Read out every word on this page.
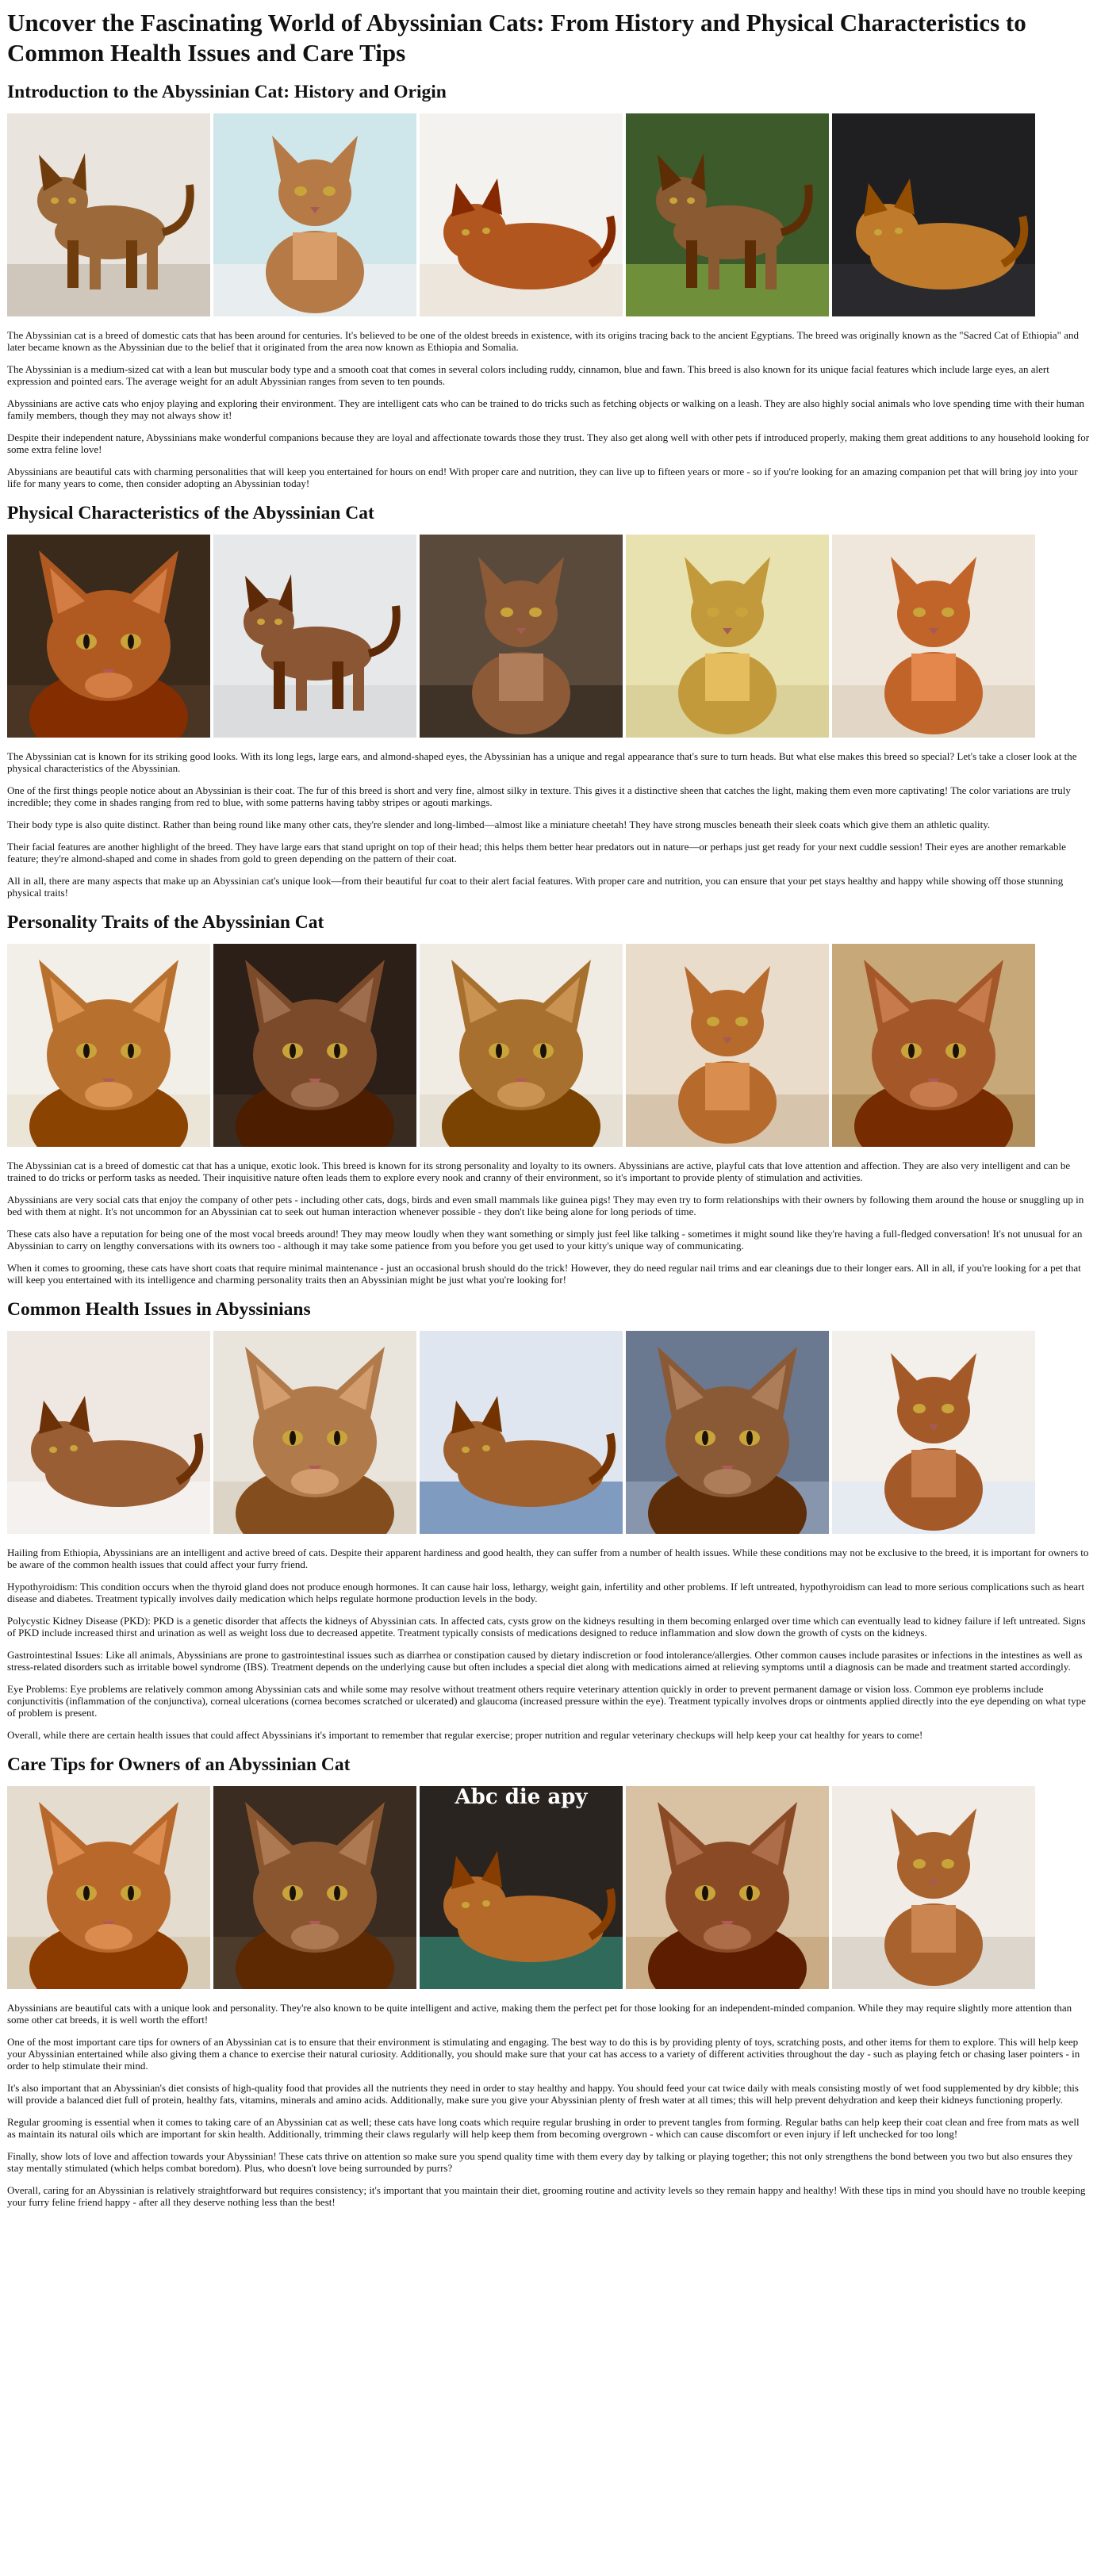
Uncover the Fascinating World of Abyssinian Cats: From History and Physical Characteristics to Common Health Issues and Care Tips
Introduction to the Abyssinian Cat: History and Origin

The Abyssinian cat is a breed of domestic cats that has been around for centuries. It's believed to be one of the oldest breeds in existence, with its origins tracing back to the ancient Egyptians. The breed was originally known as the "Sacred Cat of Ethiopia" and later became known as the Abyssinian due to the belief that it originated from the area now known as Ethiopia and Somalia.

The Abyssinian is a medium-sized cat with a lean but muscular body type and a smooth coat that comes in several colors including ruddy, cinnamon, blue and fawn. This breed is also known for its unique facial features which include large eyes, an alert expression and pointed ears. The average weight for an adult Abyssinian ranges from seven to ten pounds.

Abyssinians are active cats who enjoy playing and exploring their environment. They are intelligent cats who can be trained to do tricks such as fetching objects or walking on a leash. They are also highly social animals who love spending time with their human family members, though they may not always show it!

Despite their independent nature, Abyssinians make wonderful companions because they are loyal and affectionate towards those they trust. They also get along well with other pets if introduced properly, making them great additions to any household looking for some extra feline love!

Abyssinians are beautiful cats with charming personalities that will keep you entertained for hours on end! With proper care and nutrition, they can live up to fifteen years or more - so if you're looking for an amazing companion pet that will bring joy into your life for many years to come, then consider adopting an Abyssinian today!

Physical Characteristics of the Abyssinian Cat

The Abyssinian cat is known for its striking good looks. With its long legs, large ears, and almond-shaped eyes, the Abyssinian has a unique and regal appearance that's sure to turn heads. But what else makes this breed so special? Let's take a closer look at the physical characteristics of the Abyssinian.

One of the first things people notice about an Abyssinian is their coat. The fur of this breed is short and very fine, almost silky in texture. This gives it a distinctive sheen that catches the light, making them even more captivating! The color variations are truly incredible; they come in shades ranging from red to blue, with some patterns having tabby stripes or agouti markings.

Their body type is also quite distinct. Rather than being round like many other cats, they're slender and long-limbed—almost like a miniature cheetah! They have strong muscles beneath their sleek coats which give them an athletic quality.

Their facial features are another highlight of the breed. They have large ears that stand upright on top of their head; this helps them better hear predators out in nature—or perhaps just get ready for your next cuddle session! Their eyes are another remarkable feature; they're almond-shaped and come in shades from gold to green depending on the pattern of their coat.

All in all, there are many aspects that make up an Abyssinian cat's unique look—from their beautiful fur coat to their alert facial features. With proper care and nutrition, you can ensure that your pet stays healthy and happy while showing off those stunning physical traits!

Personality Traits of the Abyssinian Cat

The Abyssinian cat is a breed of domestic cat that has a unique, exotic look. This breed is known for its strong personality and loyalty to its owners. Abyssinians are active, playful cats that love attention and affection. They are also very intelligent and can be trained to do tricks or perform tasks as needed. Their inquisitive nature often leads them to explore every nook and cranny of their environment, so it's important to provide plenty of stimulation and activities.

Abyssinians are very social cats that enjoy the company of other pets - including other cats, dogs, birds and even small mammals like guinea pigs! They may even try to form relationships with their owners by following them around the house or snuggling up in bed with them at night. It's not uncommon for an Abyssinian cat to seek out human interaction whenever possible - they don't like being alone for long periods of time.

These cats also have a reputation for being one of the most vocal breeds around! They may meow loudly when they want something or simply just feel like talking - sometimes it might sound like they're having a full-fledged conversation! It's not unusual for an Abyssinian to carry on lengthy conversations with its owners too - although it may take some patience from you before you get used to your kitty's unique way of communicating.

When it comes to grooming, these cats have short coats that require minimal maintenance - just an occasional brush should do the trick! However, they do need regular nail trims and ear cleanings due to their longer ears. All in all, if you're looking for a pet that will keep you entertained with its intelligence and charming personality traits then an Abyssinian might be just what you're looking for!

Common Health Issues in Abyssinians

Hailing from Ethiopia, Abyssinians are an intelligent and active breed of cats. Despite their apparent hardiness and good health, they can suffer from a number of health issues. While these conditions may not be exclusive to the breed, it is important for owners to be aware of the common health issues that could affect your furry friend.

Hypothyroidism: This condition occurs when the thyroid gland does not produce enough hormones. It can cause hair loss, lethargy, weight gain, infertility and other problems. If left untreated, hypothyroidism can lead to more serious complications such as heart disease and diabetes. Treatment typically involves daily medication which helps regulate hormone production levels in the body.

Polycystic Kidney Disease (PKD): PKD is a genetic disorder that affects the kidneys of Abyssinian cats. In affected cats, cysts grow on the kidneys resulting in them becoming enlarged over time which can eventually lead to kidney failure if left untreated. Signs of PKD include increased thirst and urination as well as weight loss due to decreased appetite. Treatment typically consists of medications designed to reduce inflammation and slow down the growth of cysts on the kidneys.

Gastrointestinal Issues: Like all animals, Abyssinians are prone to gastrointestinal issues such as diarrhea or constipation caused by dietary indiscretion or food intolerance/allergies. Other common causes include parasites or infections in the intestines as well as stress-related disorders such as irritable bowel syndrome (IBS). Treatment depends on the underlying cause but often includes a special diet along with medications aimed at relieving symptoms until a diagnosis can be made and treatment started accordingly.

Eye Problems: Eye problems are relatively common among Abyssinian cats and while some may resolve without treatment others require veterinary attention quickly in order to prevent permanent damage or vision loss. Common eye problems include conjunctivitis (inflammation of the conjunctiva), corneal ulcerations (cornea becomes scratched or ulcerated) and glaucoma (increased pressure within the eye). Treatment typically involves drops or ointments applied directly into the eye depending on what type of problem is present.

Overall, while there are certain health issues that could affect Abyssinians it's important to remember that regular exercise; proper nutrition and regular veterinary checkups will help keep your cat healthy for years to come!

Care Tips for Owners of an Abyssinian Cat
Abc die apy

Abyssinians are beautiful cats with a unique look and personality. They're also known to be quite intelligent and active, making them the perfect pet for those looking for an independent-minded companion. While they may require slightly more attention than some other cat breeds, it is well worth the effort!

One of the most important care tips for owners of an Abyssinian cat is to ensure that their environment is stimulating and engaging. The best way to do this is by providing plenty of toys, scratching posts, and other items for them to explore. This will help keep your Abyssinian entertained while also giving them a chance to exercise their natural curiosity. Additionally, you should make sure that your cat has access to a variety of different activities throughout the day - such as playing fetch or chasing laser pointers - in order to help stimulate their mind.

It's also important that an Abyssinian's diet consists of high-quality food that provides all the nutrients they need in order to stay healthy and happy. You should feed your cat twice daily with meals consisting mostly of wet food supplemented by dry kibble; this will provide a balanced diet full of protein, healthy fats, vitamins, minerals and amino acids. Additionally, make sure you give your Abyssinian plenty of fresh water at all times; this will help prevent dehydration and keep their kidneys functioning properly.

Regular grooming is essential when it comes to taking care of an Abyssinian cat as well; these cats have long coats which require regular brushing in order to prevent tangles from forming. Regular baths can help keep their coat clean and free from mats as well as maintain its natural oils which are important for skin health. Additionally, trimming their claws regularly will help keep them from becoming overgrown - which can cause discomfort or even injury if left unchecked for too long!

Finally, show lots of love and affection towards your Abyssinian! These cats thrive on attention so make sure you spend quality time with them every day by talking or playing together; this not only strengthens the bond between you two but also ensures they stay mentally stimulated (which helps combat boredom). Plus, who doesn't love being surrounded by purrs?

Overall, caring for an Abyssinian is relatively straightforward but requires consistency; it's important that you maintain their diet, grooming routine and activity levels so they remain happy and healthy! With these tips in mind you should have no trouble keeping your furry feline friend happy - after all they deserve nothing less than the best!
